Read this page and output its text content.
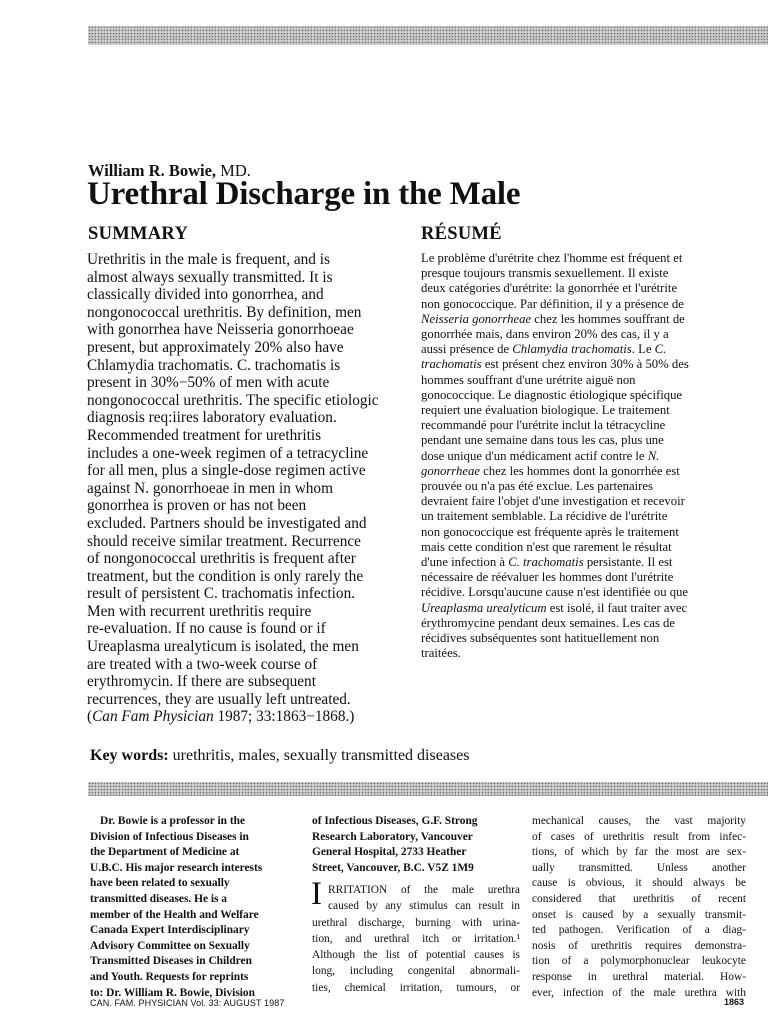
William R. Bowie, MD.
Urethral Discharge in the Male
SUMMARY	RÉSUMÉ
Urethritis in the male is frequent, and is
almost always sexually transmitted. It is
classically divided into gonorrhea, and
nongonococcal urethritis. By definition, men
with gonorrhea have Neisseria gonorrhoeae
present, but approximately 20% also have
Chlamydia trachomatis. C. trachomatis is
present in 30%−50% of men with acute
nongonococcal urethritis. The specific etiologic
diagnosis req:iires laboratory evaluation.
Recommended treatment for urethritis
includes a one-week regimen of a tetracycline
for all men, plus a single-dose regimen active
against N. gonorrhoeae in men in whom
gonorrhea is proven or has not been
excluded. Partners should be investigated and
should receive similar treatment. Recurrence
of nongonococcal urethritis is frequent after
treatment, but the condition is only rarely the
result of persistent C. trachomatis infection.
Men with recurrent urethritis require
re-evaluation. If no cause is found or if
Ureaplasma urealyticum is isolated, the men
are treated with a two-week course of
erythromycin. If there are subsequent
recurrences, they are usually left untreated.
(Can Fam Physician 1987; 33:1863−1868.)
Le problème d'urétrite chez l'homme est fréquent et
presque toujours transmis sexuellement. Il existe
deux catégories d'urétrite: la gonorrhée et l'urétrite
non gonococcique. Par définition, il y a présence de
Neisseria gonorrheae chez les hommes souffrant de
gonorrhée mais, dans environ 20% des cas, il y a
aussi présence de Chlamydia trachomatis. Le C.
trachomatis est présent chez environ 30% à 50% des
hommes souffrant d'une urétrite aiguë non
gonococcique. Le diagnostic étiologique spécifique
requiert une évaluation biologique. Le traitement
recommandé pour l'urétrite inclut la tétracycline
pendant une semaine dans tous les cas, plus une
dose unique d'un médicament actif contre le N.
gonorrheae chez les hommes dont la gonorrhée est
prouvée ou n'a pas été exclue. Les partenaires
devraient faire l'objet d'une investigation et recevoir
un traitement semblable. La récidive de l'urétrite
non gonococcique est fréquente après le traitement
mais cette condition n'est que rarement le résultat
d'une infection à C. trachomatis persistante. Il est
nécessaire de réévaluer les hommes dont l'urétrite
récidive. Lorsqu'aucune cause n'est identifiée ou que
Ureaplasma urealyticum est isolé, il faut traiter avec
érythromycine pendant deux semaines. Les cas de
récidives subséquentes sont hatituellement non
traitées.
Key words: urethritis, males, sexually transmitted diseases
Dr. Bowie is a professor in the
Division of Infectious Diseases in
the Department of Medicine at
U.B.C. His major research interests
have been related to sexually
transmitted diseases. He is a
member of the Health and Welfare
Canada Expert Interdisciplinary
Advisory Committee on Sexually
Transmitted Diseases in Children
and Youth. Requests for reprints
to: Dr. William R. Bowie, Division
of Infectious Diseases, G.F. Strong
Research Laboratory, Vancouver
General Hospital, 2733 Heather
Street, Vancouver, B.C. V5Z 1M9
I RRITATION of the male urethra
caused by any stimulus can result in
urethral discharge, burning with urina-
tion, and urethral itch or irritation.¹
Although the list of potential causes is
long, including congenital abnormali-
ties, chemical irritation, tumours, or
mechanical causes, the vast majority
of cases of urethritis result from infec-
tions, of which by far the most are sex-
ually transmitted. Unless another
cause is obvious, it should always be
considered that urethritis of recent
onset is caused by a sexually transmit-
ted pathogen. Verification of a diag-
nosis of urethritis requires demonstra-
tion of a polymorphonuclear leukocyte
response in urethral material. How-
ever, infection of the male urethra with
CAN. FAM. PHYSICIAN Vol. 33: AUGUST 1987	1863
